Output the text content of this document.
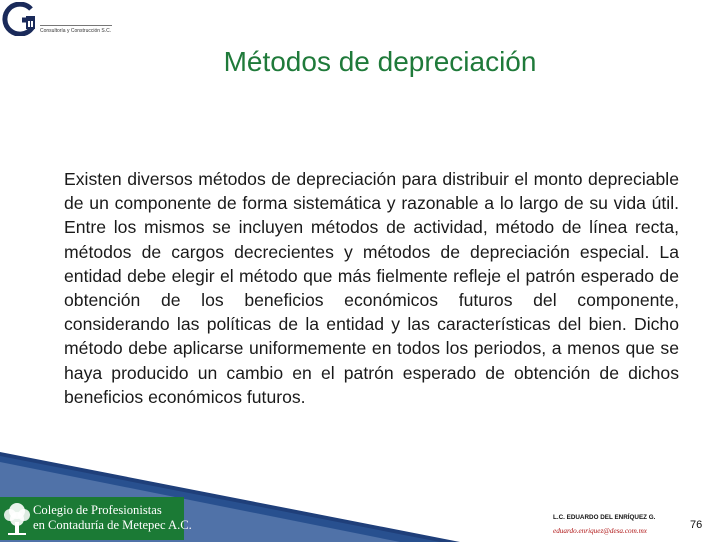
Consultoría y Construcción S.C.
Métodos de depreciación
Existen diversos métodos de depreciación para distribuir el monto depreciable de un componente de forma sistemática y razonable a lo largo de su vida útil. Entre los mismos se incluyen métodos de actividad, método de línea recta, métodos de cargos decrecientes y métodos de depreciación especial. La entidad debe elegir el método que más fielmente refleje el patrón esperado de obtención de los beneficios económicos futuros del componente, considerando las políticas de la entidad y las características del bien. Dicho método debe aplicarse uniformemente en todos los periodos, a menos que se haya producido un cambio en el patrón esperado de obtención de dichos beneficios económicos futuros.
Colegio de Profesionistas
en Contaduría de Metepec A.C.
L.C. EDUARDO DEL ENRÍQUEZ G.
eduardo.enriquez@desa.com.mx	76
